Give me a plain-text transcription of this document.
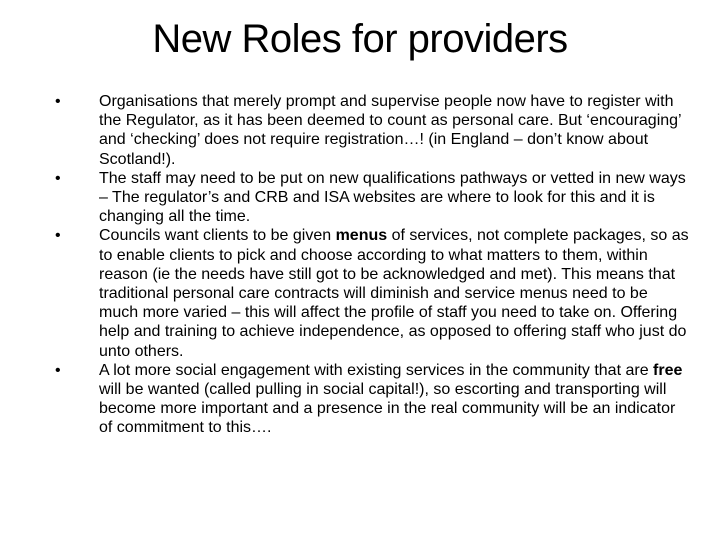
New Roles for providers
•	Organisations that merely prompt and supervise people now have to register with the Regulator, as it has been deemed to count as personal care. But ‘encouraging’ and ‘checking’ does not require registration…! (in England – don’t know about Scotland!).
•	The staff may need to be put on new qualifications pathways or vetted in new ways – The regulator’s and CRB and ISA websites are where to look for this and it is changing all the time.
•	Councils want clients to be given menus of services, not complete packages, so as to enable clients to pick and choose according to what matters to them, within reason (ie the needs have still got to be acknowledged and met). This means that traditional personal care contracts will diminish and service menus need to be much more varied – this will affect the profile of staff you need to take on. Offering help and training to achieve independence, as opposed to offering staff who just do unto others.
•	A lot more social engagement with existing services in the community that are free will be wanted (called pulling in social capital!), so escorting and transporting will become more important and a presence in the real community will be an indicator of commitment to this….
